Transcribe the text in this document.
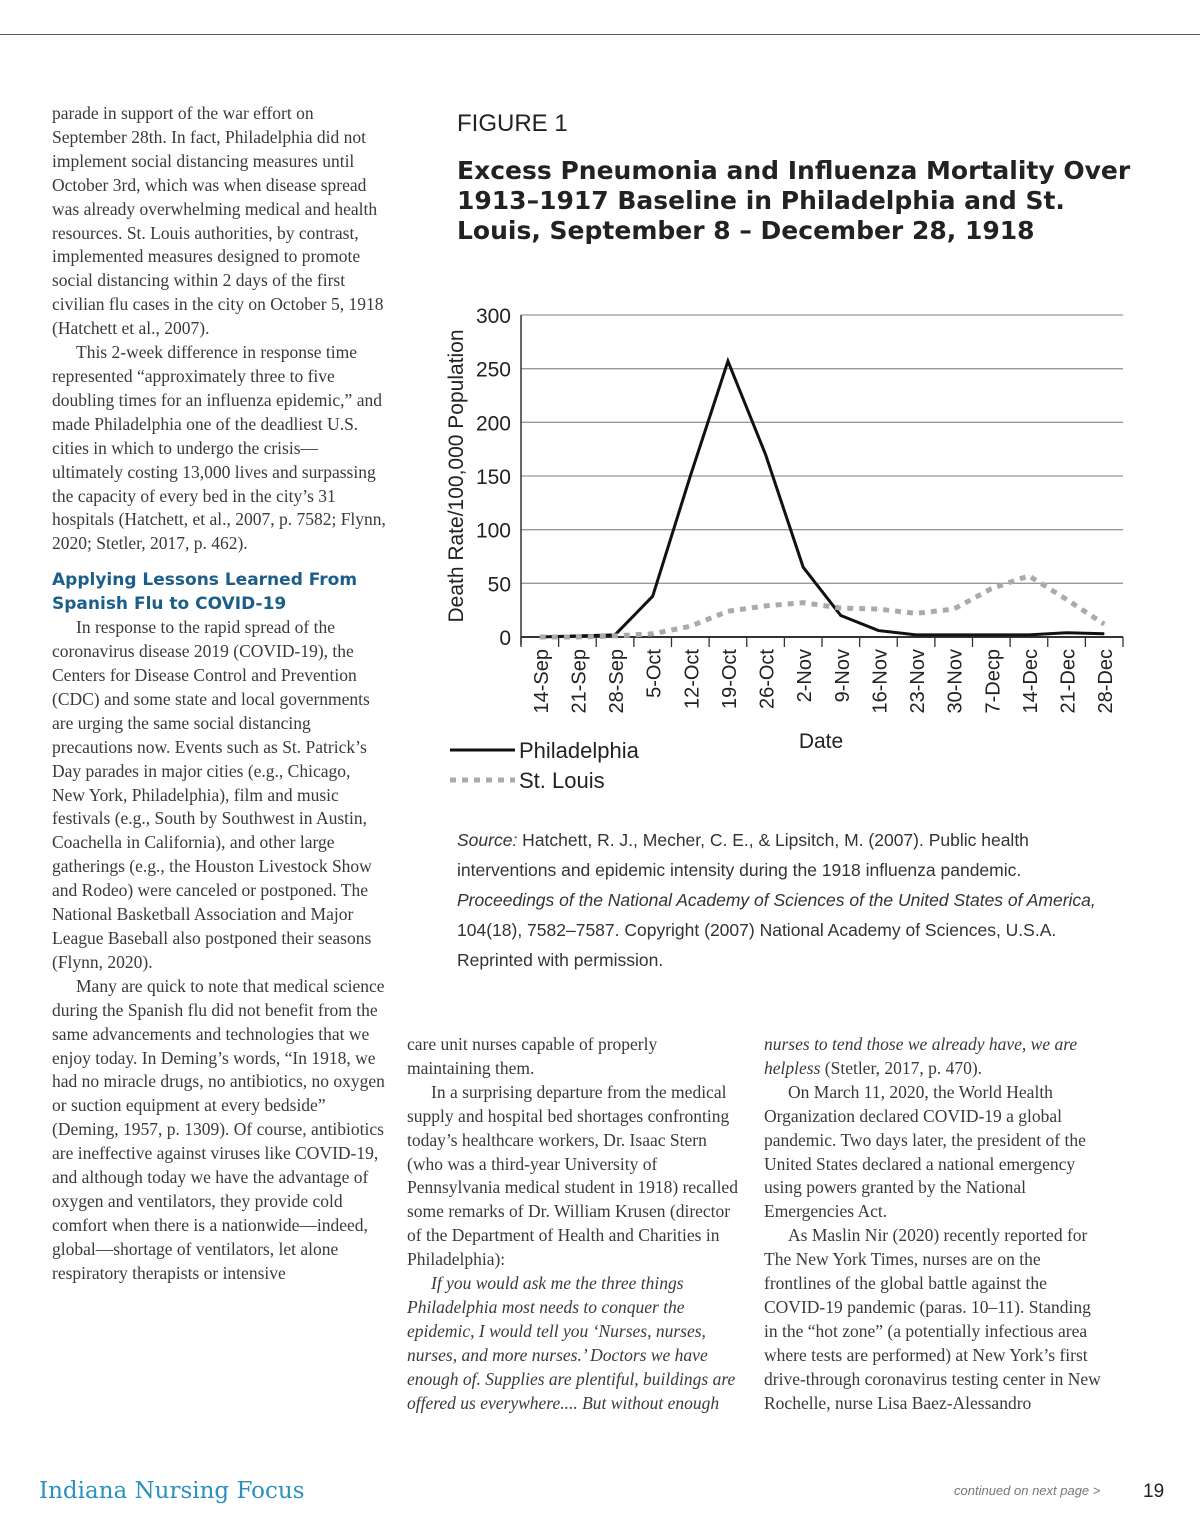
parade in support of the war effort on September 28th. In fact, Philadelphia did not implement social distancing measures until October 3rd, which was when disease spread was already overwhelming medical and health resources. St. Louis authorities, by contrast, implemented measures designed to promote social distancing within 2 days of the first civilian flu cases in the city on October 5, 1918 (Hatchett et al., 2007).

This 2-week difference in response time represented “approximately three to five doubling times for an influenza epidemic,” and made Philadelphia one of the deadliest U.S. cities in which to undergo the crisis—ultimately costing 13,000 lives and surpassing the capacity of every bed in the city’s 31 hospitals (Hatchett, et al., 2007, p. 7582; Flynn, 2020; Stetler, 2017, p. 462).

Applying Lessons Learned From Spanish Flu to COVID-19

In response to the rapid spread of the coronavirus disease 2019 (COVID-19), the Centers for Disease Control and Prevention (CDC) and some state and local governments are urging the same social distancing precautions now. Events such as St. Patrick’s Day parades in major cities (e.g., Chicago, New York, Philadelphia), film and music festivals (e.g., South by Southwest in Austin, Coachella in California), and other large gatherings (e.g., the Houston Livestock Show and Rodeo) were canceled or postponed. The National Basketball Association and Major League Baseball also postponed their seasons (Flynn, 2020).

Many are quick to note that medical science during the Spanish flu did not benefit from the same advancements and technologies that we enjoy today. In Deming’s words, “In 1918, we had no miracle drugs, no antibiotics, no oxygen or suction equipment at every bedside” (Deming, 1957, p. 1309). Of course, antibiotics are ineffective against viruses like COVID-19, and although today we have the advantage of oxygen and ventilators, they provide cold comfort when there is a nationwide—indeed, global—shortage of ventilators, let alone respiratory therapists or intensive

care unit nurses capable of properly maintaining them.

In a surprising departure from the medical supply and hospital bed shortages confronting today’s healthcare workers, Dr. Isaac Stern (who was a third-year University of Pennsylvania medical student in 1918) recalled some remarks of Dr. William Krusen (director of the Department of Health and Charities in Philadelphia):

If you would ask me the three things Philadelphia most needs to conquer the epidemic, I would tell you ‘Nurses, nurses, nurses, and more nurses.’ Doctors we have enough of. Supplies are plentiful, buildings are offered us everywhere.... But without enough

nurses to tend those we already have, we are helpless (Stetler, 2017, p. 470).

On March 11, 2020, the World Health Organization declared COVID-19 a global pandemic. Two days later, the president of the United States declared a national emergency using powers granted by the National Emergencies Act.

As Maslin Nir (2020) recently reported for The New York Times, nurses are on the frontlines of the global battle against the COVID-19 pandemic (paras. 10–11). Standing in the “hot zone” (a potentially infectious area where tests are performed) at New York’s first drive-through coronavirus testing center in New Rochelle, nurse Lisa Baez-Alessandro

FIGURE 1
Excess Pneumonia and Influenza Mortality Over 1913–1917 Baseline in Philadelphia and St. Louis, September 8 – December 28, 1918
0
50
100
150
200
250
300
14-Sep 21-Sep 28-Sep 5-Oct 12-Oct 19-Oct 26-Oct 2-Nov 9-Nov 16-Nov 23-Nov 30-Nov 7-Decp 14-Dec 21-Dec 28-Dec
Death Rate/100,000 Population
Date
Philadelphia
St. Louis
Source: Hatchett, R. J., Mecher, C. E., & Lipsitch, M. (2007). Public health interventions and epidemic intensity during the 1918 influenza pandemic. Proceedings of the National Academy of Sciences of the United States of America, 104(18), 7582–7587. Copyright (2007) National Academy of Sciences, U.S.A. Reprinted with permission.
Indiana Nursing Focus	continued on next page > 19
